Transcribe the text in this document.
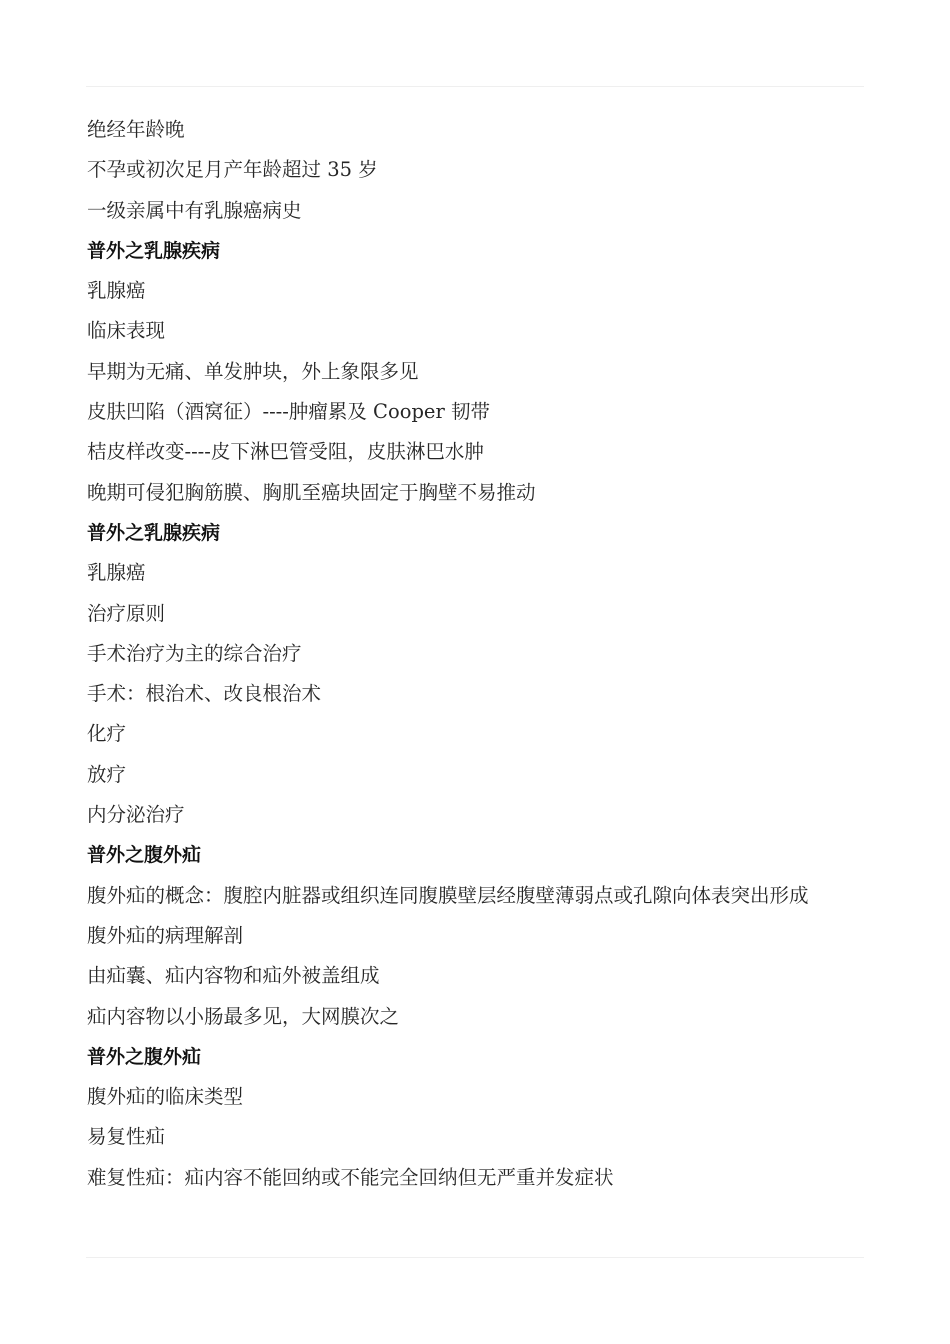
绝经年龄晚
不孕或初次足月产年龄超过 35 岁
一级亲属中有乳腺癌病史
普外之乳腺疾病
乳腺癌
临床表现
早期为无痛、单发肿块，外上象限多见
皮肤凹陷（酒窝征）----肿瘤累及 Cooper 韧带
桔皮样改变----皮下淋巴管受阻，皮肤淋巴水肿
晚期可侵犯胸筋膜、胸肌至癌块固定于胸壁不易推动
普外之乳腺疾病
乳腺癌
治疗原则
手术治疗为主的综合治疗
手术：根治术、改良根治术
化疗
放疗
内分泌治疗
普外之腹外疝
腹外疝的概念：腹腔内脏器或组织连同腹膜壁层经腹壁薄弱点或孔隙向体表突出形成
腹外疝的病理解剖
由疝囊、疝内容物和疝外被盖组成
疝内容物以小肠最多见，大网膜次之
普外之腹外疝
腹外疝的临床类型
易复性疝
难复性疝：疝内容不能回纳或不能完全回纳但无严重并发症状
